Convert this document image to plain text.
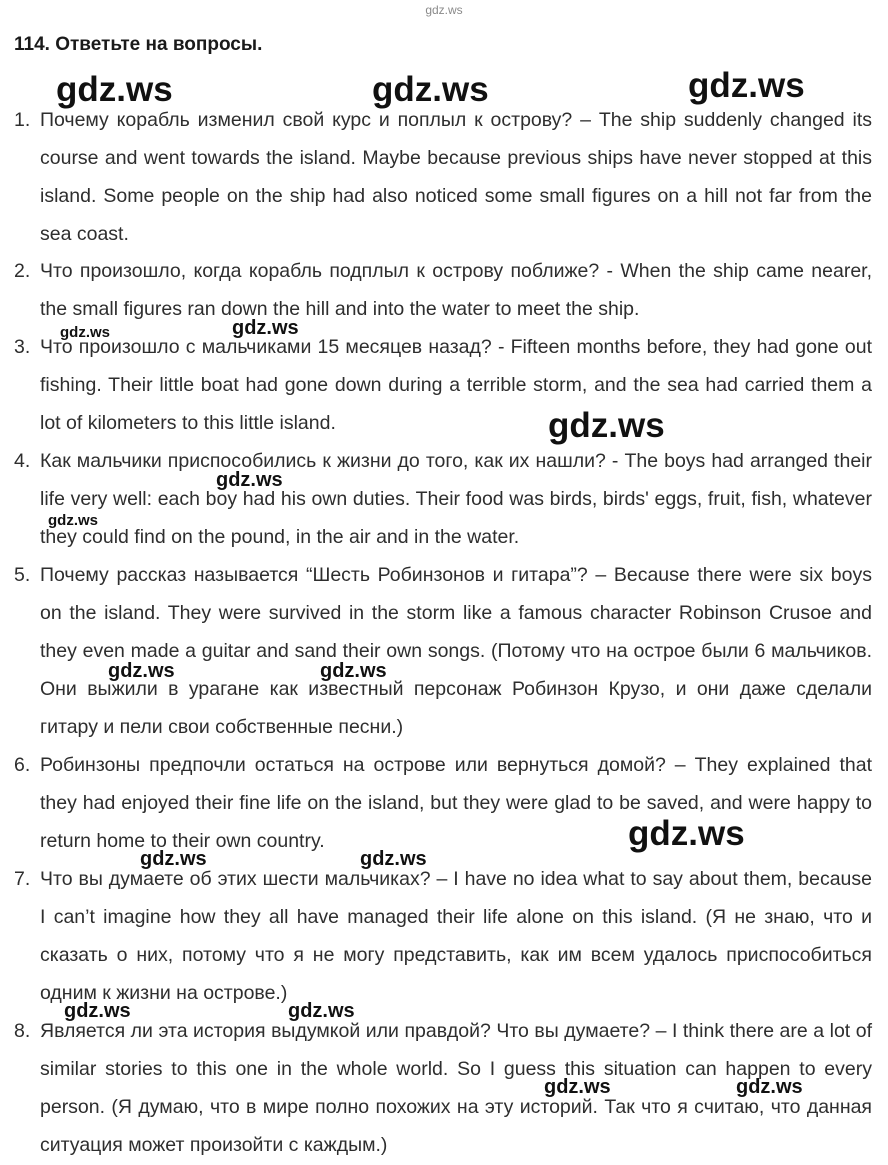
gdz.ws
114. Ответьте на вопросы.

1. Почему корабль изменил свой курс и поплыл к острову? – The ship suddenly changed its course and went towards the island. Maybe because previous ships have never stopped at this island. Some people on the ship had also noticed some small figures on a hill not far from the sea coast.

2. Что произошло, когда корабль подплыл к острову поближе? - When the ship came nearer, the small figures ran down the hill and into the water to meet the ship.

3. Что произошло с мальчиками 15 месяцев назад? - Fifteen months before, they had gone out fishing. Their little boat had gone down during a terrible storm, and the sea had carried them a lot of kilometers to this little island.

4. Как мальчики приспособились к жизни до того, как их нашли? - The boys had arranged their life very well: each boy had his own duties. Their food was birds, birds' eggs, fruit, fish, whatever they could find on the pound, in the air and in the water.

5. Почему рассказ называется “Шесть Робинзонов и гитара”? – Because there were six boys on the island. They were survived in the storm like a famous character Robinson Crusoe and they even made a guitar and sand their own songs. (Потому что на острое были 6 мальчиков. Они выжили в урагане как известный персонаж Робинзон Крузо, и они даже сделали гитару и пели свои собственные песни.)

6. Робинзоны предпочли остаться на острове или вернуться домой? – They explained that they had enjoyed their fine life on the island, but they were glad to be saved, and were happy to return home to their own country.

7. Что вы думаете об этих шести мальчиках? – I have no idea what to say about them, because I can’t imagine how they all have managed their life alone on this island. (Я не знаю, что и сказать о них, потому что я не могу представить, как им всем удалось приспособиться одним к жизни на острове.)

8. Является ли эта история выдумкой или правдой? Что вы думаете? – I think there are a lot of similar stories to this one in the whole world. So I guess this situation can happen to every person. (Я думаю, что в мире полно похожих на эту историй. Так что я считаю, что данная ситуация может произойти с каждым.)

gdz.ws	gdz.ws	gdz.ws
gdz.ws	gdz.ws
gdz.ws
gdz.ws
gdz.ws
gdz.ws	gdz.ws
gdz.ws
gdz.ws	gdz.ws
gdz.ws	gdz.ws
gdz.ws	gdz.ws
